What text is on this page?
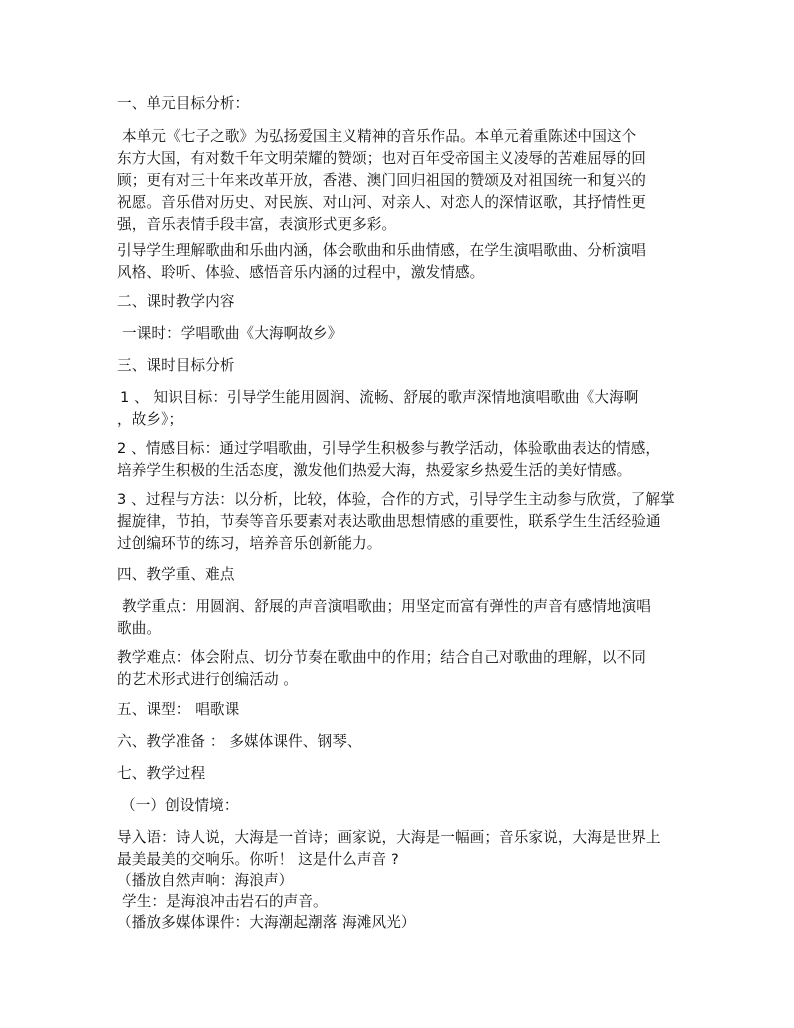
一、单元目标分析：
本单元《七子之歌》为弘扬爱国主义精神的音乐作品。本单元着重陈述中国这个
东方大国，有对数千年文明荣耀的赞颂；也对百年受帝国主义凌辱的苦难屈辱的回
顾；更有对三十年来改革开放，香港、澳门回归祖国的赞颂及对祖国统一和复兴的
祝愿。音乐借对历史、对民族、对山河、对亲人、对恋人的深情讴歌，其抒情性更
强，音乐表情手段丰富，表演形式更多彩。
引导学生理解歌曲和乐曲内涵，体会歌曲和乐曲情感，在学生演唱歌曲、分析演唱
风格、聆听、体验、感悟音乐内涵的过程中，激发情感。
二、课时教学内容
一课时：学唱歌曲《大海啊故乡》
三、课时目标分析
1 、 知识目标：引导学生能用圆润、流畅、舒展的歌声深情地演唱歌曲《大海啊
，故乡》；
2 、情感目标：通过学唱歌曲，引导学生积极参与教学活动，体验歌曲表达的情感，
培养学生积极的生活态度，激发他们热爱大海，热爱家乡热爱生活的美好情感。
3 、过程与方法：以分析，比较，体验，合作的方式，引导学生主动参与欣赏，了解掌
握旋律，节拍，节奏等音乐要素对表达歌曲思想情感的重要性，联系学生生活经验通
过创编环节的练习，培养音乐创新能力。
四、教学重、难点
教学重点：用圆润、舒展的声音演唱歌曲；用坚定而富有弹性的声音有感情地演唱
歌曲。
教学难点：体会附点、切分节奏在歌曲中的作用；结合自己对歌曲的理解，以不同
的艺术形式进行创编活动 。
五、课型： 唱歌课
六、教学准备 ： 多媒体课件、钢琴、
七、教学过程
（一）创设情境：
导入语：诗人说，大海是一首诗；画家说，大海是一幅画；音乐家说，大海是世界上
最美最美的交响乐。你听！ 这是什么声音 ?
（播放自然声响：海浪声）
学生：是海浪冲击岩石的声音。
（播放多媒体课件：大海潮起潮落 海滩风光）
